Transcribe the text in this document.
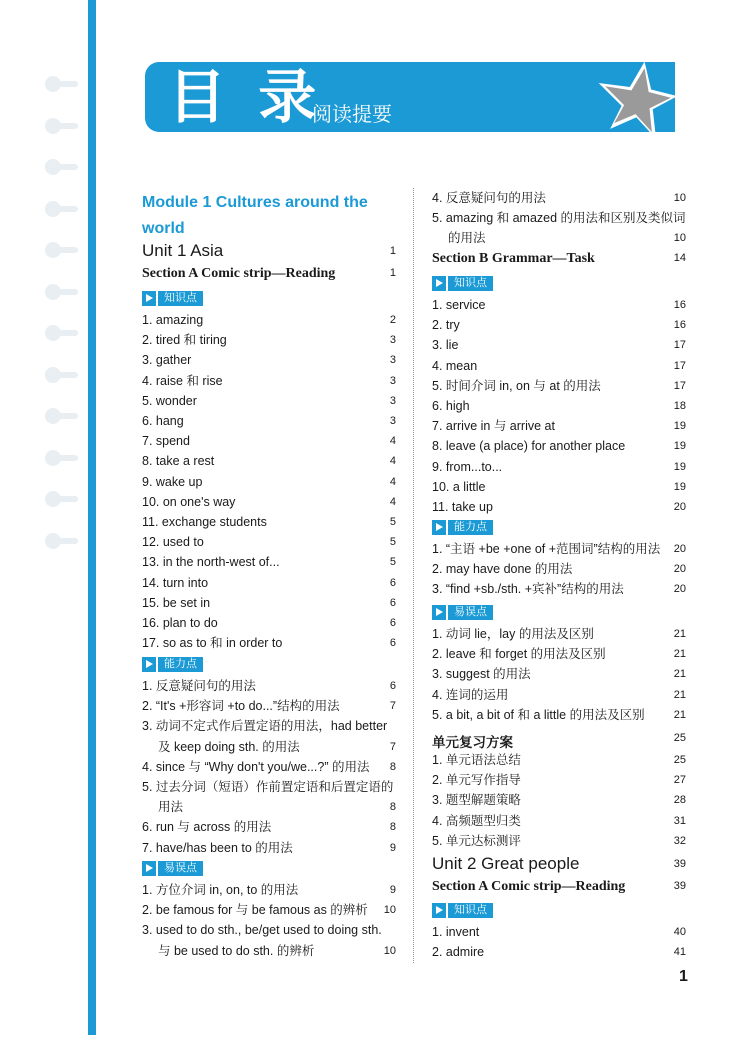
目 录
阅读提要
Module 1 Cultures around the world
Unit 1 Asia	1
Section A Comic strip—Reading	1
知识点
1. amazing	2
2. tired 和 tiring	3
3. gather	3
4. raise 和 rise	3
5. wonder	3
6. hang	3
7. spend	4
8. take a rest	4
9. wake up	4
10. on one's way	4
11. exchange students	5
12. used to	5
13. in the north-west of...	5
14. turn into	6
15. be set in	6
16. plan to do	6
17. so as to 和 in order to	6
能力点
1. 反意疑问句的用法	6
2. “It's +形容词 +to do...”结构的用法	7
3. 动词不定式作后置定语的用法，had better
及 keep doing sth. 的用法	7
4. since 与 “Why don't you/we...?” 的用法 8
5. 过去分词（短语）作前置定语和后置定语的
用法	8
6. run 与 across 的用法	8
7. have/has been to 的用法	9
易误点
1. 方位介词 in, on, to 的用法	9
2. be famous for 与 be famous as 的辨析 10
3. used to do sth., be/get used to doing sth.
与 be used to do sth. 的辨析	10
4. 反意疑问句的用法	10
5. amazing 和 amazed 的用法和区别及类似词
的用法	10
Section B Grammar—Task	14
知识点
1. service	16
2. try	16
3. lie	17
4. mean	17
5. 时间介词 in, on 与 at 的用法	17
6. high	18
7. arrive in 与 arrive at	19
8. leave (a place) for another place	19
9. from...to...	19
10. a little	19
11. take up	20
能力点
1. “主语 +be +one of +范围词”结构的用法 20
2. may have done 的用法	20
3. “find +sb./sth. +宾补”结构的用法	20
易误点
1. 动词 lie，lay 的用法及区别	21
2. leave 和 forget 的用法及区别	21
3. suggest 的用法	21
4. 连词的运用	21
5. a bit, a bit of 和 a little 的用法及区别	21
单元复习方案	25
1. 单元语法总结	25
2. 单元写作指导	27
3. 题型解题策略	28
4. 高频题型归类	31
5. 单元达标测评	32
Unit 2 Great people	39
Section A Comic strip—Reading	39
知识点
1. invent	40
2. admire	41
1
